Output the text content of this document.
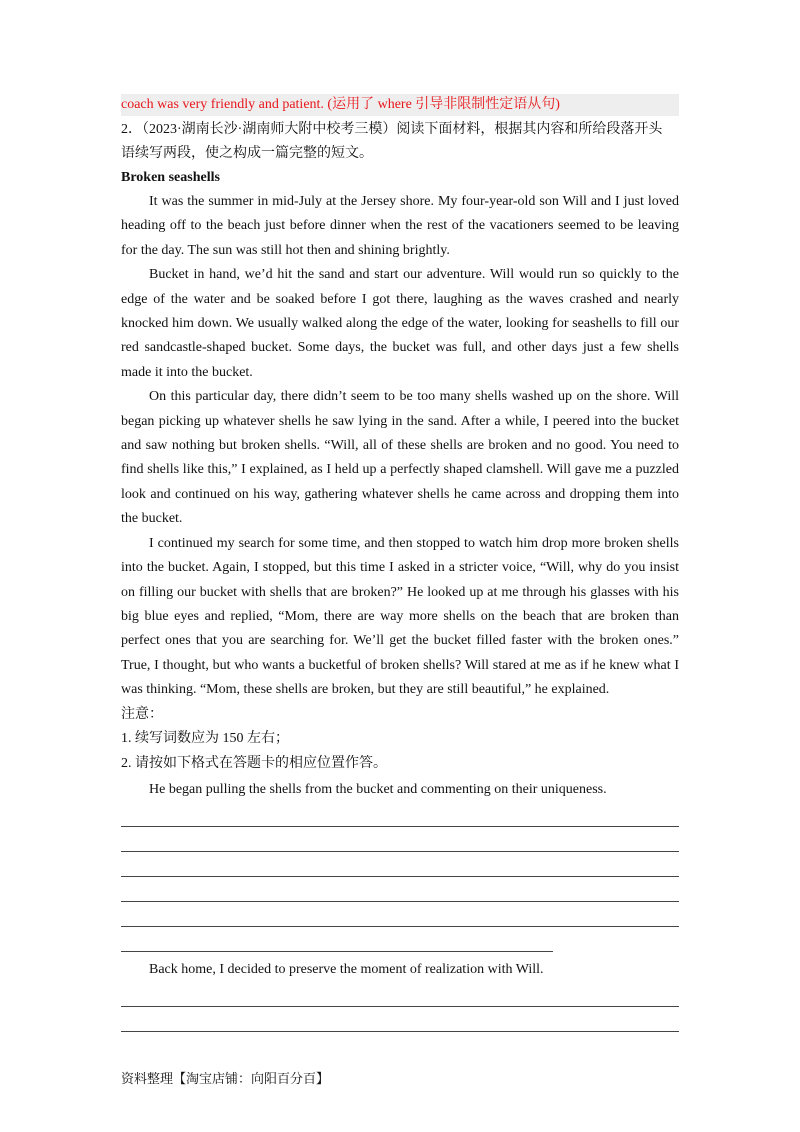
coach was very friendly and patient. (运用了 where 引导非限制性定语从句)
2．（2023·湖南长沙·湖南师大附中校考三模）阅读下面材料，根据其内容和所给段落开头
语续写两段，使之构成一篇完整的短文。
Broken seashells

It was the summer in mid-July at the Jersey shore. My four-year-old son Will and I just loved heading off to the beach just before dinner when the rest of the vacationers seemed to be leaving for the day. The sun was still hot then and shining brightly.

Bucket in hand, we’d hit the sand and start our adventure. Will would run so quickly to the edge of the water and be soaked before I got there, laughing as the waves crashed and nearly knocked him down. We usually walked along the edge of the water, looking for seashells to fill our red sandcastle-shaped bucket. Some days, the bucket was full, and other days just a few shells made it into the bucket.

On this particular day, there didn’t seem to be too many shells washed up on the shore. Will began picking up whatever shells he saw lying in the sand. After a while, I peered into the bucket and saw nothing but broken shells. “Will, all of these shells are broken and no good. You need to find shells like this,” I explained, as I held up a perfectly shaped clamshell. Will gave me a puzzled look and continued on his way, gathering whatever shells he came across and dropping them into the bucket.

I continued my search for some time, and then stopped to watch him drop more broken shells into the bucket. Again, I stopped, but this time I asked in a stricter voice, “Will, why do you insist on filling our bucket with shells that are broken?” He looked up at me through his glasses with his big blue eyes and replied, “Mom, there are way more shells on the beach that are broken than perfect ones that you are searching for. We’ll get the bucket filled faster with the broken ones.” True, I thought, but who wants a bucketful of broken shells? Will stared at me as if he knew what I was thinking. “Mom, these shells are broken, but they are still beautiful,” he explained.

注意：
1. 续写词数应为 150 左右；
2. 请按如下格式在答题卡的相应位置作答。
He began pulling the shells from the bucket and commenting on their uniqueness.
Back home, I decided to preserve the moment of realization with Will.
资料整理【淘宝店铺：向阳百分百】
